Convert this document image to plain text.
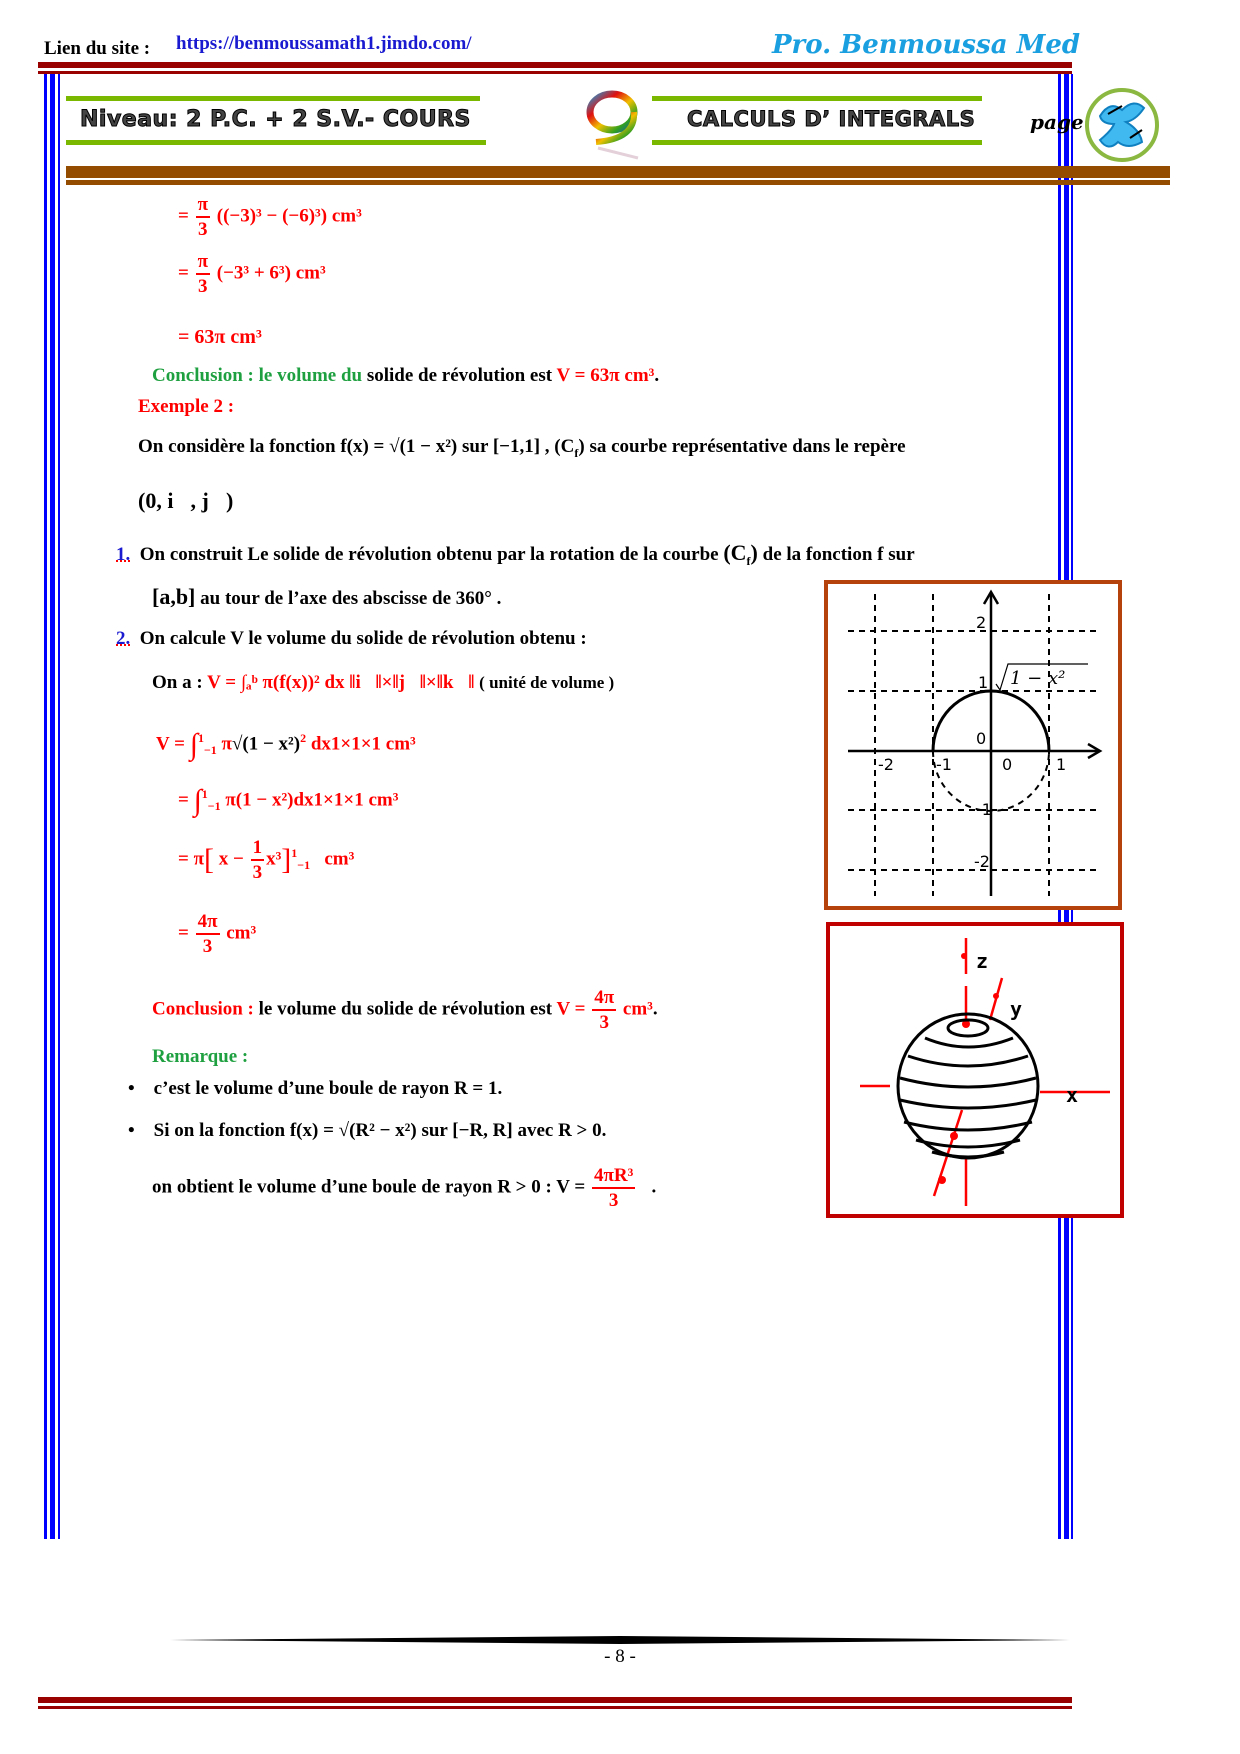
Lien du site : https://benmoussamath1.jimdo.com/	Pro. Benmoussa Med
Niveau: 2 P.C. + 2 S.V.- COURS	CALCULS D’ INTEGRALS	page
= $\frac{\pi}{3} ((-3)^3 - (-6)^3)$ cm³
= $\frac{\pi}{3} (-3^3 + 6^3)$ cm³
= 63π cm³
Conclusion : le volume du solide de révolution est V = 63π cm³.
Exemple 2 :
On considère la fonction f(x) = √(1 − x²) sur [−1,1] , $(C_f)$ sa courbe représentative dans le repère
(0, i⃗, j⃗)
1. On construit Le solide de révolution obtenu par la rotation de la courbe $(C_f)$ de la fonction f sur
[a,b] au tour de l’axe des abscisse de 360° .
2. On calcule V le volume du solide de révolution obtenu :
On a : V = ∫ₐᵇ π(f(x))² dx ‖i⃗‖×‖j⃗‖×‖k⃗‖ ( unité de volume )
V = ∫$^1_{-1}$ $\pi√(1 - x^2)^2$ dx1×1×1 cm³
= ∫$^1_{-1}$ π(1 − x²)dx1×1×1 cm³
= π[ $x - \frac{1}{3} x^3]^1_{-1}$ cm³
= $\frac{4\pi}{3} cm^3$
Conclusion : le volume du solide de révolution est $V = \frac{4\pi}{3} cm^3$.
Remarque :
• c’est le volume d’une boule de rayon R = 1.
• Si on la fonction f(x) = √(R² − x²) sur [−R, R] avec R > 0.
on obtient le volume d’une boule de rayon R > 0 : $V = \frac{\text{4πR³}}{3}$ .
2
1
0
-1
-2
-2	-1	0	1
1 − x²
z
y
x
- 8 -
